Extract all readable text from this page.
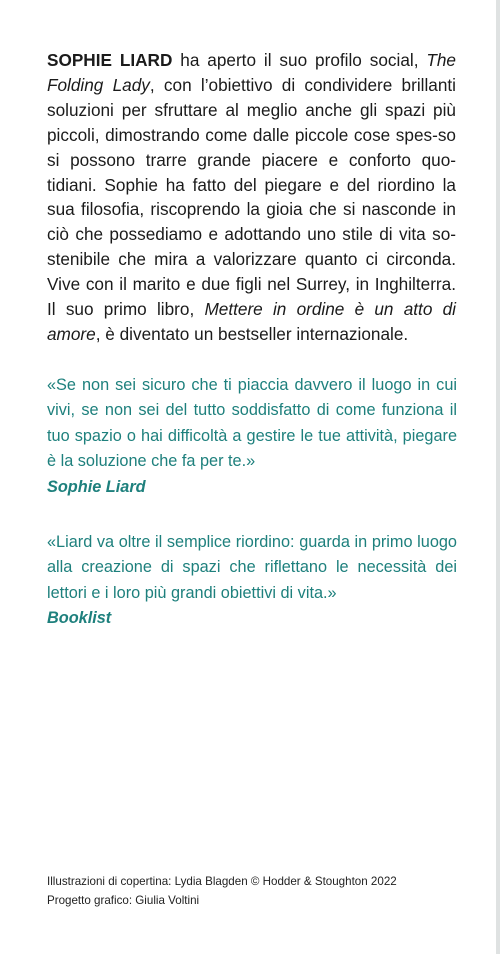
SOPHIE LIARD ha aperto il suo profilo social, The Folding Lady, con l’obiettivo di condividere brillanti soluzioni per sfruttare al meglio anche gli spazi più piccoli, dimostrando come dalle piccole cose spes-so si possono trarre grande piacere e conforto quo-tidiani. Sophie ha fatto del piegare e del riordino la sua filosofia, riscoprendo la gioia che si nasconde in ciò che possediamo e adottando uno stile di vita so-stenibile che mira a valorizzare quanto ci circonda. Vive con il marito e due figli nel Surrey, in Inghilterra. Il suo primo libro, Mettere in ordine è un atto di amore, è diventato un bestseller internazionale.
«Se non sei sicuro che ti piaccia davvero il luogo in cui vivi, se non sei del tutto soddisfatto di come funziona il tuo spazio o hai difficoltà a gestire le tue attività, piegare è la soluzione che fa per te.»
Sophie Liard
«Liard va oltre il semplice riordino: guarda in primo luogo alla creazione di spazi che riflettano le necessità dei lettori e i loro più grandi obiettivi di vita.»
Booklist
Illustrazioni di copertina: Lydia Blagden © Hodder & Stoughton 2022
Progetto grafico: Giulia Voltini
